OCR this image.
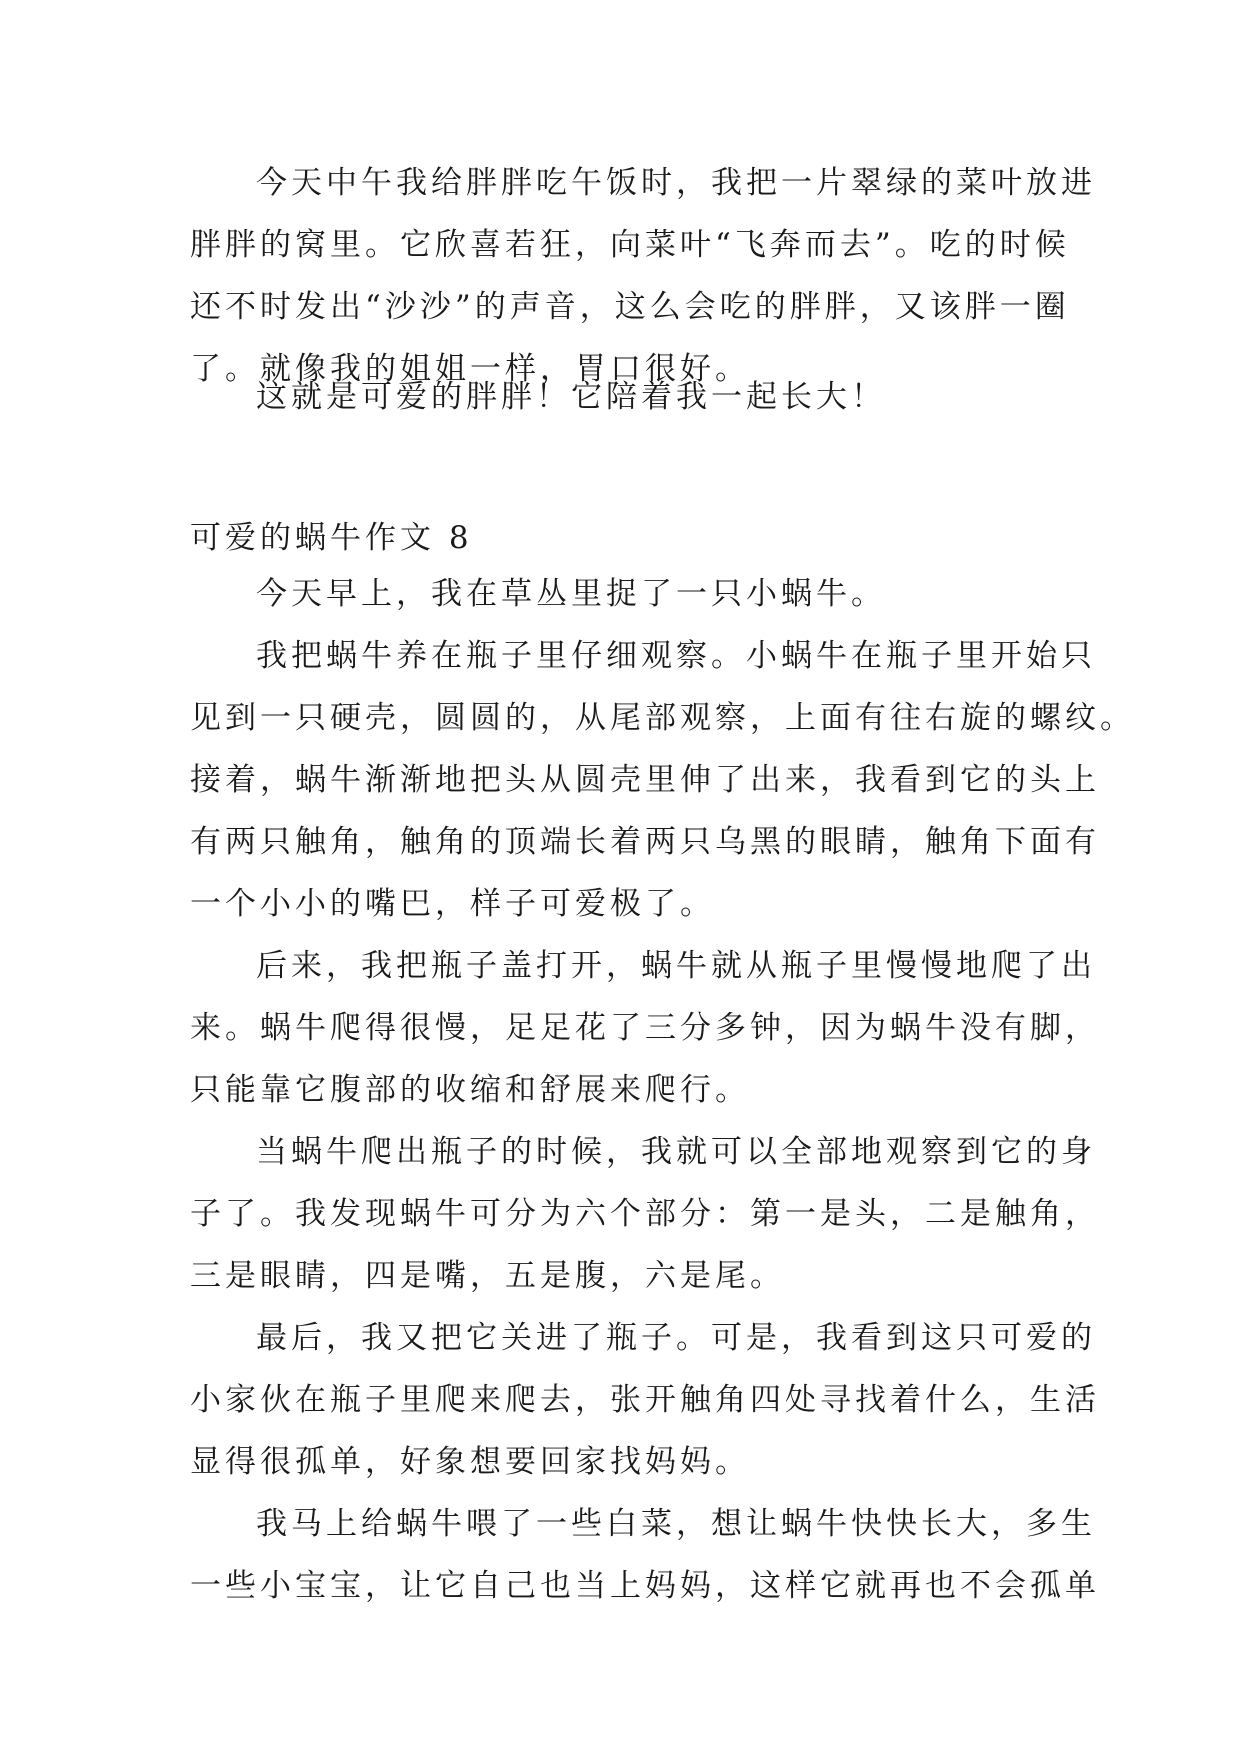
今天中午我给胖胖吃午饭时，我把一片翠绿的菜叶放进
胖胖的窝里。它欣喜若狂，向菜叶“飞奔而去”。吃的时候
还不时发出“沙沙”的声音，这么会吃的胖胖，又该胖一圈
了。就像我的姐姐一样，胃口很好。
这就是可爱的胖胖！它陪着我一起长大！
可爱的蜗牛作文 8
今天早上，我在草丛里捉了一只小蜗牛。
我把蜗牛养在瓶子里仔细观察。小蜗牛在瓶子里开始只
见到一只硬壳，圆圆的，从尾部观察，上面有往右旋的螺纹。
接着，蜗牛渐渐地把头从圆壳里伸了出来，我看到它的头上
有两只触角，触角的顶端长着两只乌黑的眼睛，触角下面有
一个小小的嘴巴，样子可爱极了。
后来，我把瓶子盖打开，蜗牛就从瓶子里慢慢地爬了出
来。蜗牛爬得很慢，足足花了三分多钟，因为蜗牛没有脚，
只能靠它腹部的收缩和舒展来爬行。
当蜗牛爬出瓶子的时候，我就可以全部地观察到它的身
子了。我发现蜗牛可分为六个部分：第一是头，二是触角，
三是眼睛，四是嘴，五是腹，六是尾。
最后，我又把它关进了瓶子。可是，我看到这只可爱的
小家伙在瓶子里爬来爬去，张开触角四处寻找着什么，生活
显得很孤单，好象想要回家找妈妈。
我马上给蜗牛喂了一些白菜，想让蜗牛快快长大，多生
一些小宝宝，让它自己也当上妈妈，这样它就再也不会孤单
